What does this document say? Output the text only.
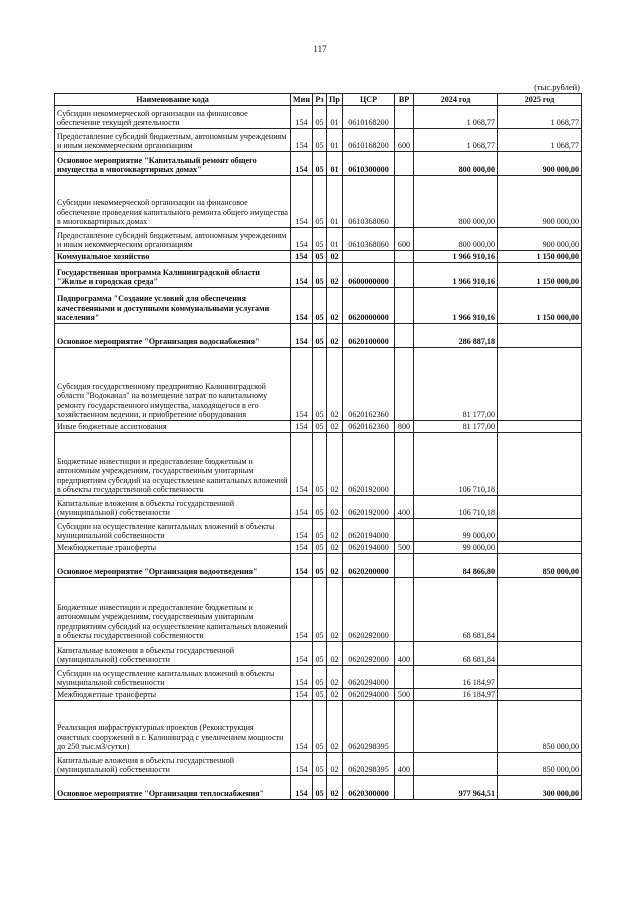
117
(тыс.рублей)
Наименование кода	Мин	Рз	Пр	ЦСР	ВР	2024 год	2025 год
Субсидии некоммерческой организации на финансовое обеспечение текущей деятельности	154	05	01	0610168200		1 068,77	1 068,77
Предоставление субсидий бюджетным, автономным учреждениям и иным некоммерческим организациям	154	05	01	0610168200	600	1 068,77	1 068,77
Основное мероприятие "Капитальный ремонт общего имущества в многоквартирных домах"	154	05	01	0610300000		800 000,00	900 000,00
Субсидии некоммерческой организации на финансовое обеспечение проведения капитального ремонта общего имущества в многоквартирных домах	154	05	01	0610368060		800 000,00	900 000,00
Предоставление субсидий бюджетным, автономным учреждениям и иным некоммерческим организациям	154	05	01	0610368060	600	800 000,00	900 000,00
Коммунальное хозяйство	154	05	02			1 966 910,16	1 150 000,00
Государственная программа Калининградской области "Жилье и городская среда"	154	05	02	0600000000		1 966 910,16	1 150 000,00
Подпрограмма "Создание условий для обеспечения качественными и доступными коммунальными услугами населения"	154	05	02	0620000000		1 966 910,16	1 150 000,00
Основное мероприятие "Организация водоснабжения"	154	05	02	0620100000		286 887,18	
Субсидия государственному предприятию Калининградской области "Водоканал" на возмещение затрат по капитальному ремонту государственного имущества, находящегося в его хозяйственном ведении, и приобретение оборудования	154	05	02	0620162360		81 177,00	
Иные бюджетные ассигнования	154	05	02	0620162360	800	81 177,00	
Бюджетные инвестиции и предоставление бюджетным и автономным учреждениям, государственным унитарным предприятиям субсидий на осуществление капитальных вложений в объекты государственной собственности	154	05	02	0620192000		106 710,18	
Капитальные вложения в объекты государственной (муниципальной) собственности	154	05	02	0620192000	400	106 710,18	
Субсидии на осуществление капитальных вложений в объекты муниципальной собственности	154	05	02	0620194000		99 000,00	
Межбюджетные трансферты	154	05	02	0620194000	500	99 000,00	
Основное мероприятие "Организация водоотведения"	154	05	02	0620200000		84 866,80	850 000,00
Бюджетные инвестиции и предоставление бюджетным и автономным учреждениям, государственным унитарным предприятиям субсидий на осуществление капитальных вложений в объекты государственной собственности	154	05	02	0620292000		68 681,84	
Капитальные вложения в объекты государственной (муниципальной) собственности	154	05	02	0620292000	400	68 681,84	
Субсидии на осуществление капитальных вложений в объекты муниципальной собственности	154	05	02	0620294000		16 184,97	
Межбюджетные трансферты	154	05	02	0620294000	500	16 184,97	
Реализация инфраструктурных проектов (Реконструкция очистных сооружений в г. Калининград с увеличением мощности до 250 тыс.м3/сутки)	154	05	02	0620298395			850 000,00
Капитальные вложения в объекты государственной (муниципальной) собственности	154	05	02	0620298395	400		850 000,00
Основное мероприятие "Организация теплоснабжения"	154	05	02	0620300000		977 964,51	300 000,00
